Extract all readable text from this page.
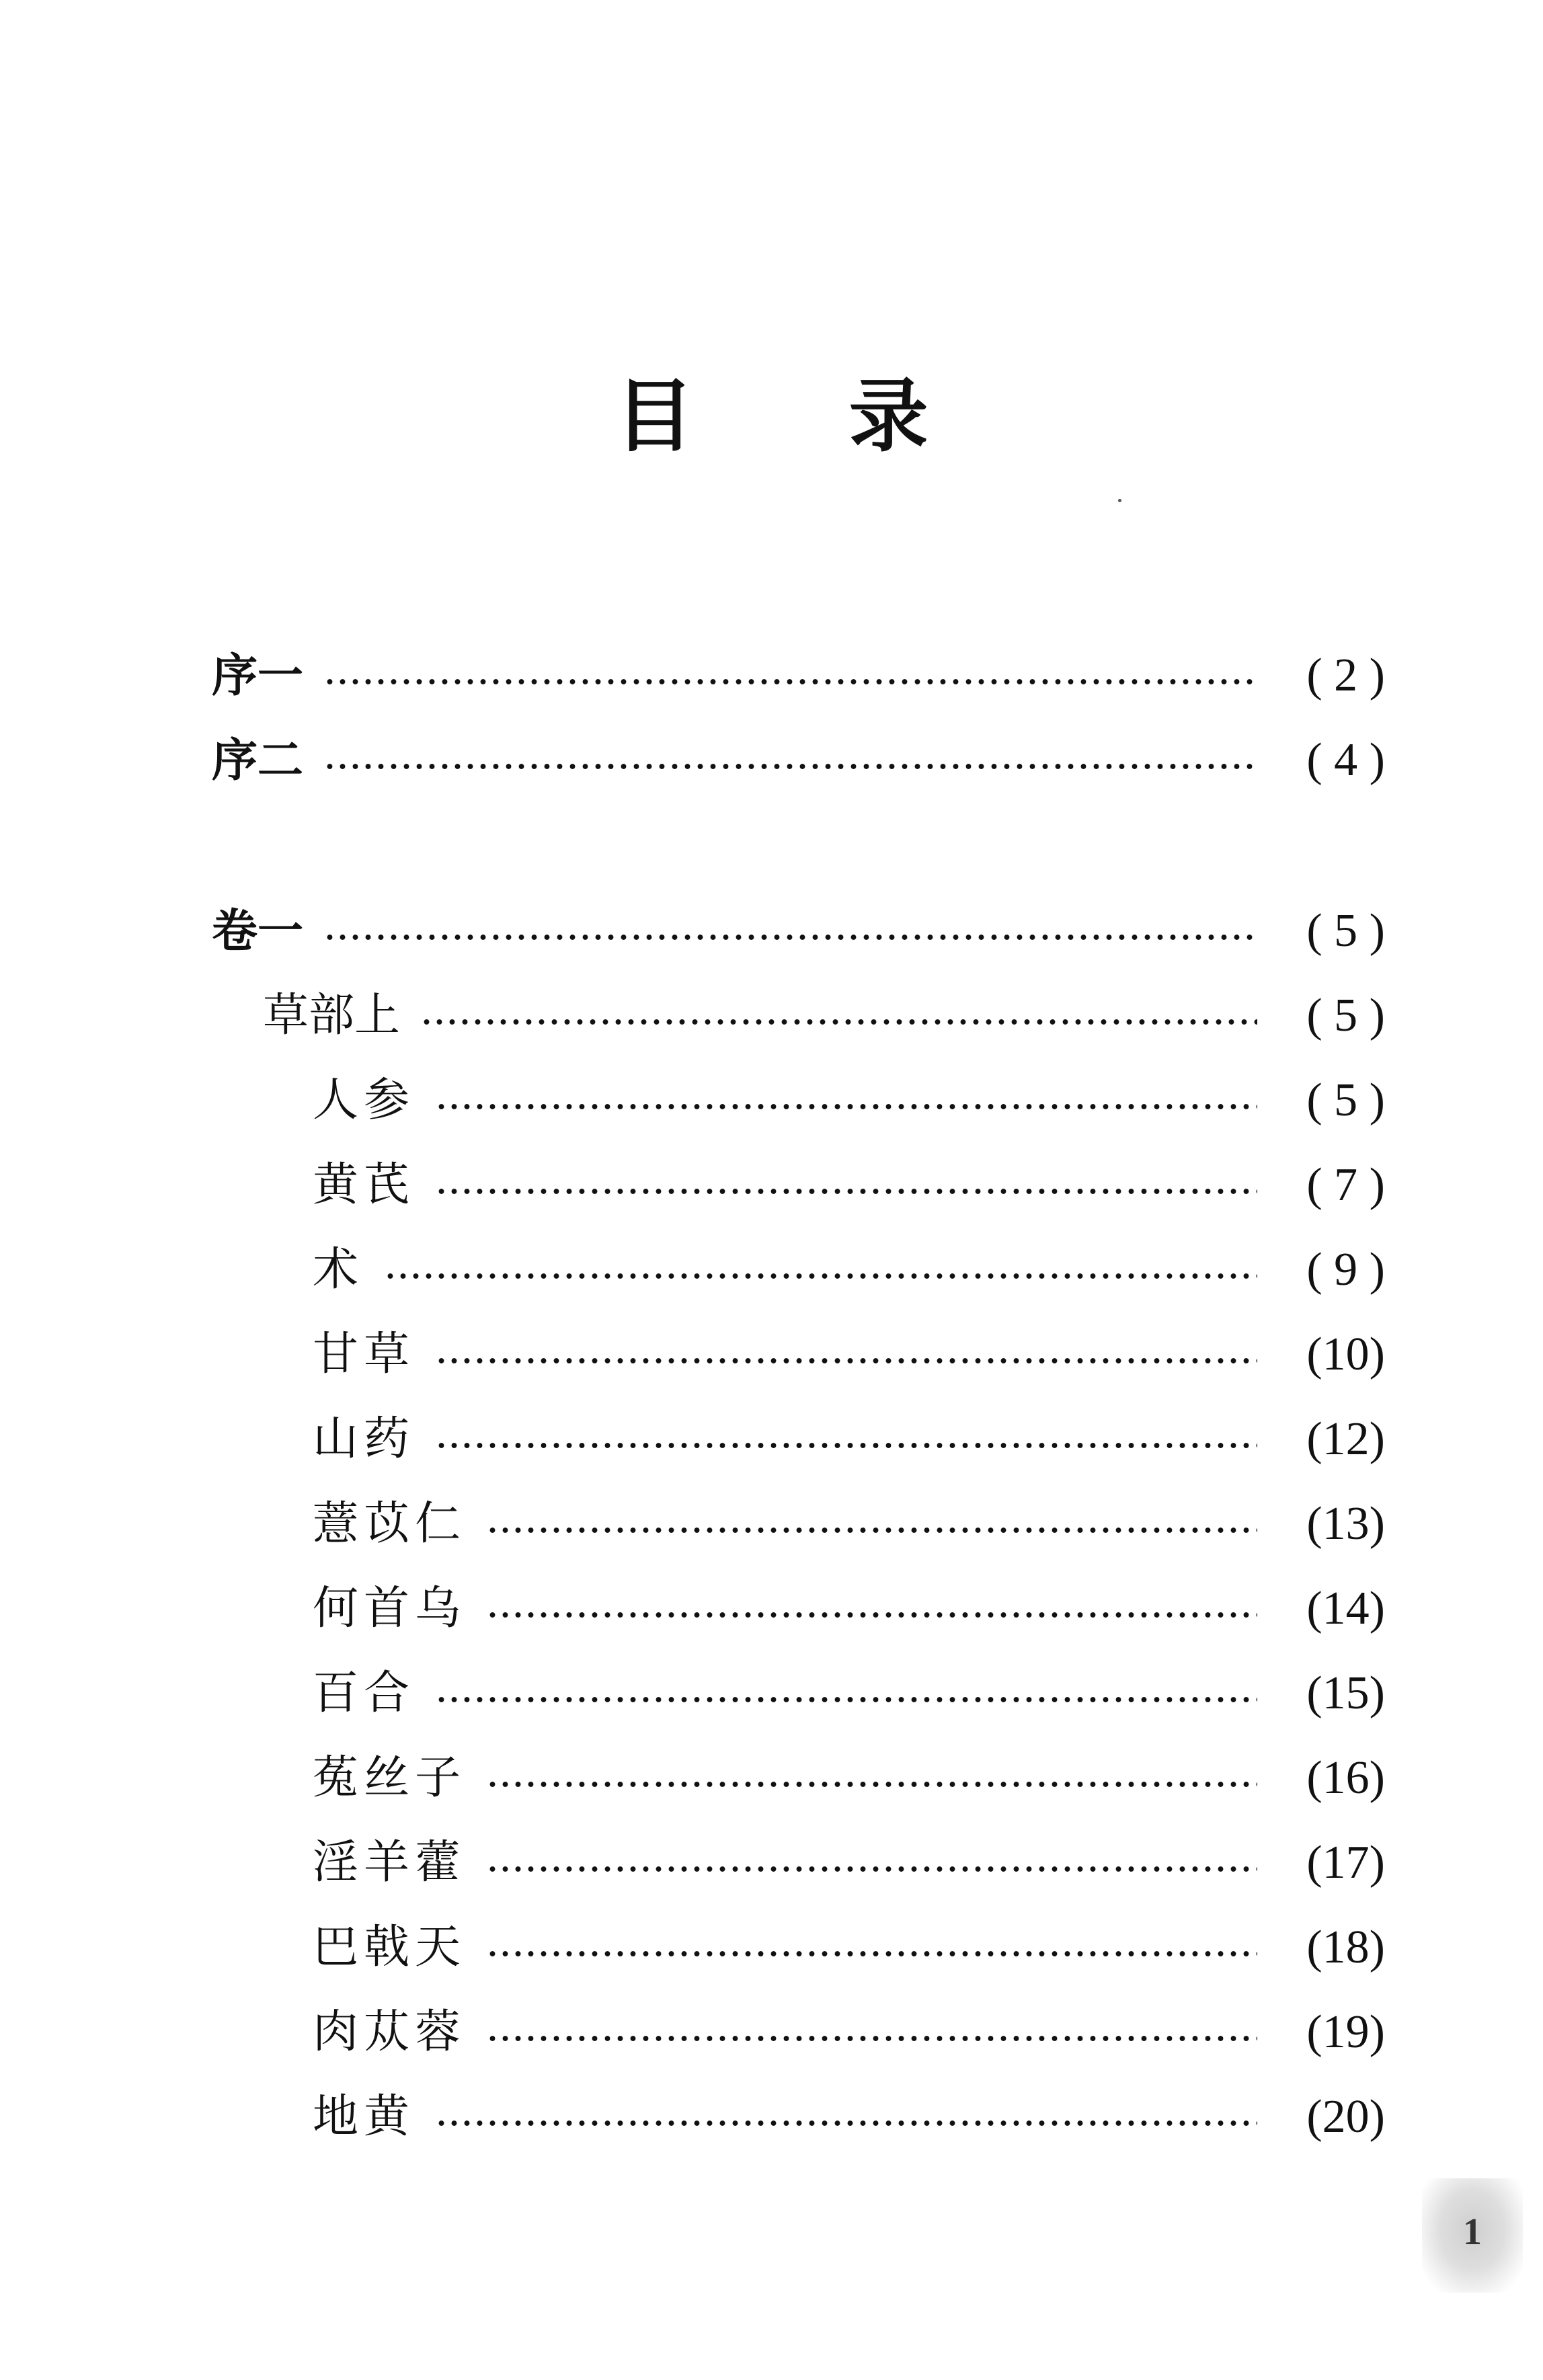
目 录
序一	( 2 )
序二	( 4 )
卷一	( 5 )
草部上	( 5 )
人参	( 5 )
黄芪	( 7 )
术	( 9 )
甘草	(10)
山药	(12)
薏苡仁	(13)
何首乌	(14)
百合	(15)
菟丝子	(16)
淫羊藿	(17)
巴戟天	(18)
肉苁蓉	(19)
地黄	(20)
1
